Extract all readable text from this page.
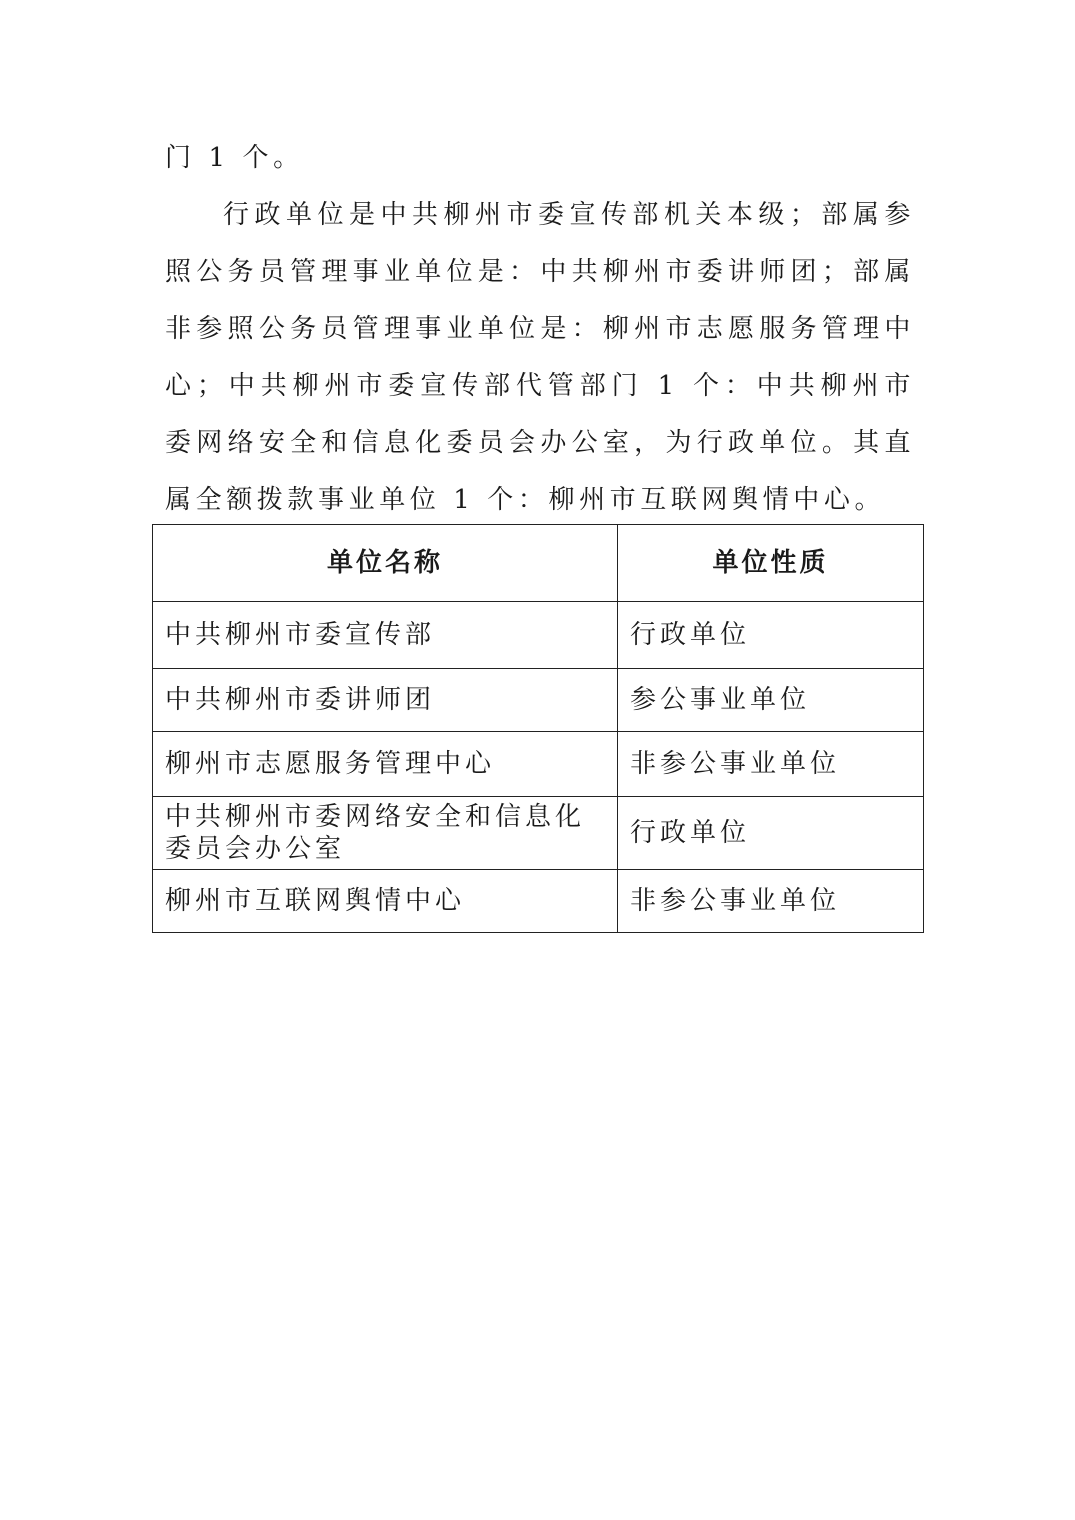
门 1 个。

行政单位是中共柳州市委宣传部机关本级；部属参照公务员管理事业单位是：中共柳州市委讲师团；部属非参照公务员管理事业单位是：柳州市志愿服务管理中心；中共柳州市委宣传部代管部门 1 个：中共柳州市委网络安全和信息化委员会办公室，为行政单位。其直属全额拨款事业单位 1 个：柳州市互联网舆情中心。

单位名称	单位性质
中共柳州市委宣传部	行政单位
中共柳州市委讲师团	参公事业单位
柳州市志愿服务管理中心	非参公事业单位
中共柳州市委网络安全和信息化委员会办公室	行政单位
柳州市互联网舆情中心	非参公事业单位
